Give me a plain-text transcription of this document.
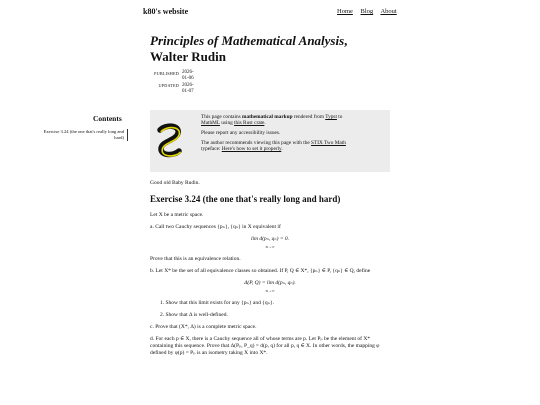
k80's website	Home Blog About
Principles of Mathematical Analysis,
Walter Rudin
PUBLISHED 2026-01-06
UPDATED 2026-01-07
Contents
Exercise 3.24 (the one that's really long and hard)

This page contains mathematical markup rendered from Typst to
MathML using this Rust crate.

Please report any accessibility issues.

The author recommends viewing this page with the STIX Two Math
typeface: Here's how to set it properly.

Good old Baby Rudin.

Exercise 3.24 (the one that's really long and hard)

Let X be a metric space.

a. Call two Cauchy sequences {pₙ}, {qₙ} in X equivalent if

lim d(pₙ, qₙ) = 0.
n→∞

Prove that this is an equivalence relation.

b. Let X* be the set of all equivalence classes so obtained. If P, Q ∈ X*, {pₙ} ∈ P, {qₙ} ∈ Q, define

Δ(P, Q) = lim d(pₙ, qₙ).
n→∞

1. Show that this limit exists for any {pₙ} and {qₙ}.

2. Show that Δ is well-defined.

c. Prove that (X*, Δ) is a complete metric space.

d. For each p ∈ X, there is a Cauchy sequence all of whose terms are p. Let Pₚ be the element of X* containing this sequence. Prove that Δ(Pₚ, P_q) = d(p, q) for all p, q ∈ X. In other words, the mapping φ defined by φ(p) = Pₚ is an isometry taking X into X*.
